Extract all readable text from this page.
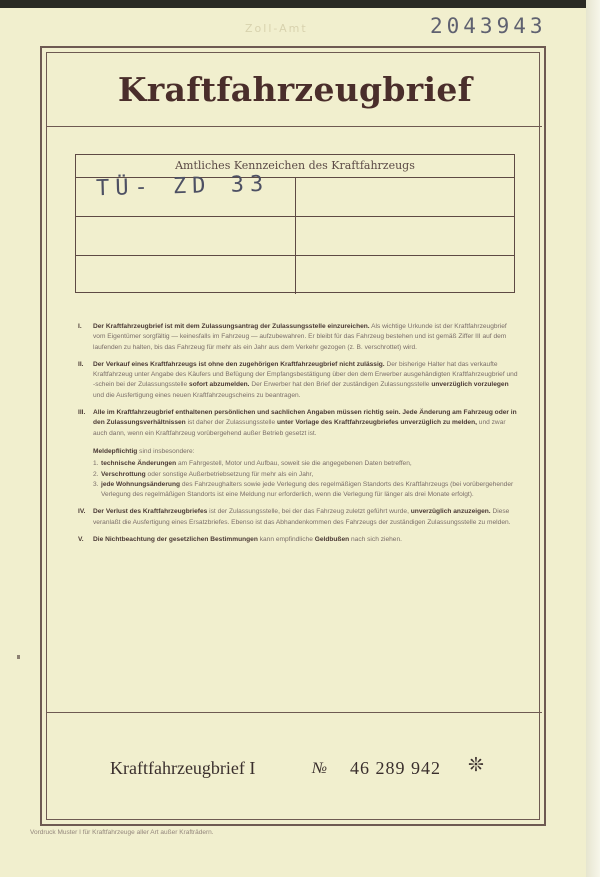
Zoll-Amt	2043943
Kraftfahrzeugbrief
Amtliches Kennzeichen des Kraftfahrzeugs
TÜ- ZD 33
I. Der Kraftfahrzeugbrief ist mit dem Zulassungsantrag der Zulassungsstelle einzureichen. Als wichtige Urkunde ist der Kraftfahrzeugbrief vom Eigentümer sorgfältig — keinesfalls im Fahrzeug — aufzubewahren. Er bleibt für das Fahrzeug bestehen und ist gemäß Ziffer III auf dem laufenden zu halten, bis das Fahrzeug für mehr als ein Jahr aus dem Verkehr gezogen (z. B. verschrottet) wird.
II. Der Verkauf eines Kraftfahrzeugs ist ohne den zugehörigen Kraftfahrzeugbrief nicht zulässig. Der bisherige Halter hat das verkaufte Kraftfahrzeug unter Angabe des Käufers und Befügung der Empfangsbestätigung über den dem Erwerber ausgehändigten Kraftfahrzeugbrief und -schein bei der Zulassungsstelle sofort abzumelden. Der Erwerber hat den Brief der zuständigen Zulassungsstelle unverzüglich vorzulegen und die Ausfertigung eines neuen Kraftfahrzeugscheins zu beantragen.
III. Alle im Kraftfahrzeugbrief enthaltenen persönlichen und sachlichen Angaben müssen richtig sein. Jede Änderung am Fahrzeug oder in den Zulassungsverhältnissen ist daher der Zulassungsstelle unter Vorlage des Kraftfahrzeugbriefes unverzüglich zu melden, und zwar auch dann, wenn ein Kraftfahrzeug vorübergehend außer Betrieb gesetzt ist.
Meldepflichtig sind insbesondere:
1. technische Änderungen am Fahrgestell, Motor und Aufbau, soweit sie die angegebenen Daten betreffen,
2. Verschrottung oder sonstige Außerbetriebsetzung für mehr als ein Jahr,
3. jede Wohnungsänderung des Fahrzeughalters sowie jede Verlegung des regelmäßigen Standorts des Kraftfahrzeugs (bei vorübergehender Verlegung des regelmäßigen Standorts ist eine Meldung nur erforderlich, wenn die Verlegung für länger als drei Monate erfolgt).
IV. Der Verlust des Kraftfahrzeugbriefes ist der Zulassungsstelle, bei der das Fahrzeug zuletzt geführt wurde, unverzüglich anzuzeigen. Diese veranlaßt die Ausfertigung eines Ersatzbriefes. Ebenso ist das Abhandenkommen des Fahrzeugs der zuständigen Zulassungsstelle zu melden.
V. Die Nichtbeachtung der gesetzlichen Bestimmungen kann empfindliche Geldbußen nach sich ziehen.
Kraftfahrzeugbrief I	№ 46 289 942 ❊
Vordruck Muster I für Kraftfahrzeuge aller Art außer Krafträdern.
